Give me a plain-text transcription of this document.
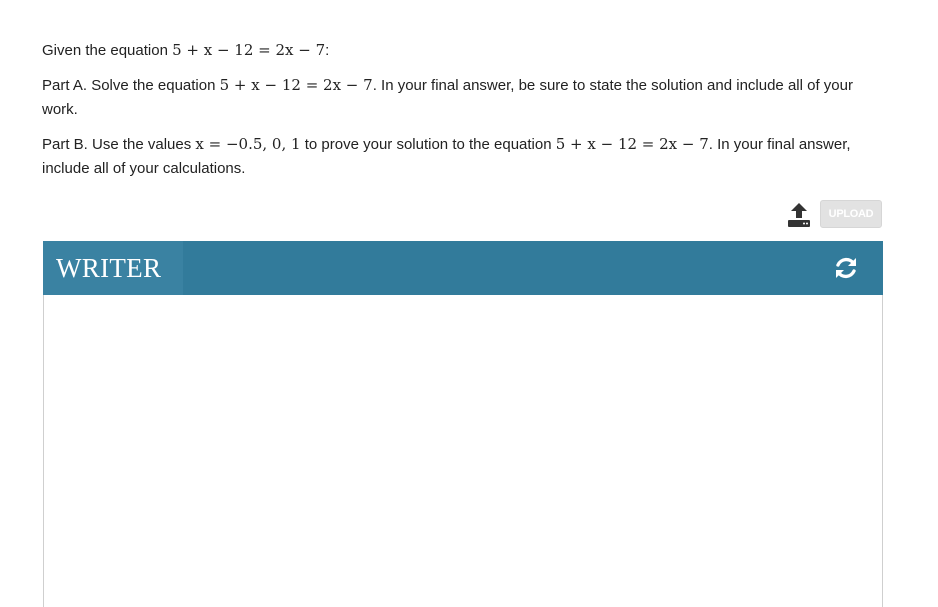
Given the equation 5 + x − 12 = 2x − 7:

Part A. Solve the equation 5 + x − 12 = 2x − 7. In your final answer, be sure to state the solution and include all of your work.

Part B. Use the values x = −0.5, 0, 1 to prove your solution to the equation 5 + x − 12 = 2x − 7. In your final answer, include all of your calculations.

UPLOAD
WRITER
